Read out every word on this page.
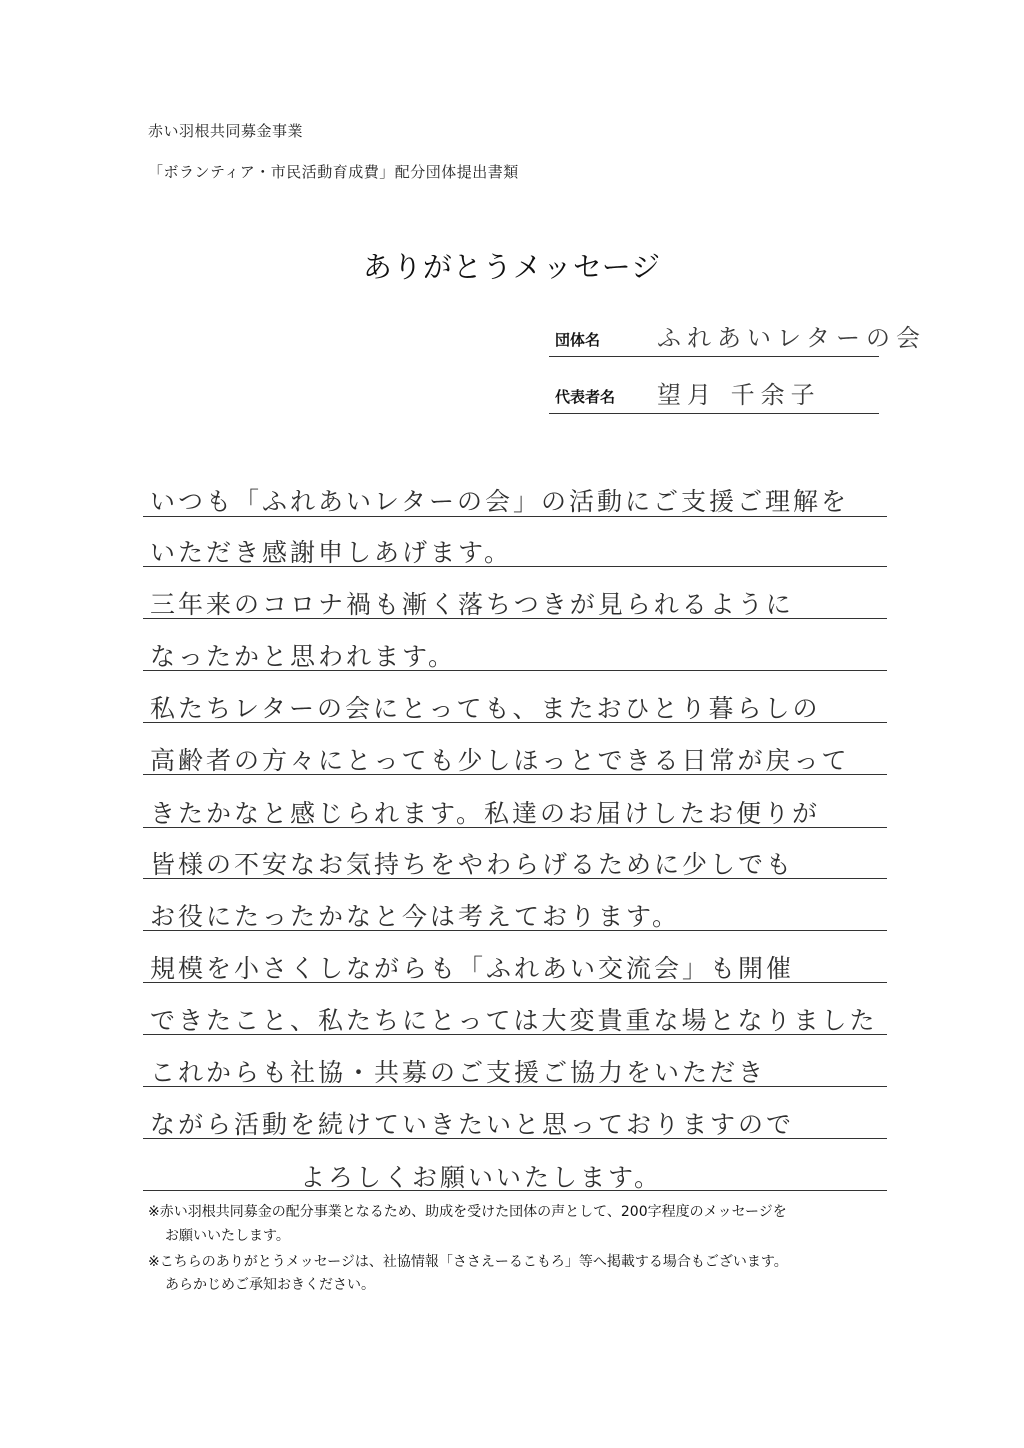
赤い羽根共同募金事業
「ボランティア・市民活動育成費」配分団体提出書類
ありがとうメッセージ
団体名 ふれあいレターの会
代表者名 望月 千余子
いつも「ふれあいレターの会」の活動にご支援ご理解を
いただき感謝申しあげます。
三年来のコロナ禍も漸く落ちつきが見られるように
なったかと思われます。
私たちレターの会にとっても、またおひとり暮らしの
高齢者の方々にとっても少しほっとできる日常が戻って
きたかなと感じられます。私達のお届けしたお便りが
皆様の不安なお気持ちをやわらげるために少しでも
お役にたったかなと今は考えております。
規模を小さくしながらも「ふれあい交流会」も開催
できたこと、私たちにとっては大変貴重な場となりました
これからも社協・共募のご支援ご協力をいただき
ながら活動を続けていきたいと思っておりますので
よろしくお願いいたします。
※赤い羽根共同募金の配分事業となるため、助成を受けた団体の声として、200字程度のメッセージを
お願いいたします。
※こちらのありがとうメッセージは、社協情報「ささえーるこもろ」等へ掲載する場合もございます。
あらかじめご承知おきください。
